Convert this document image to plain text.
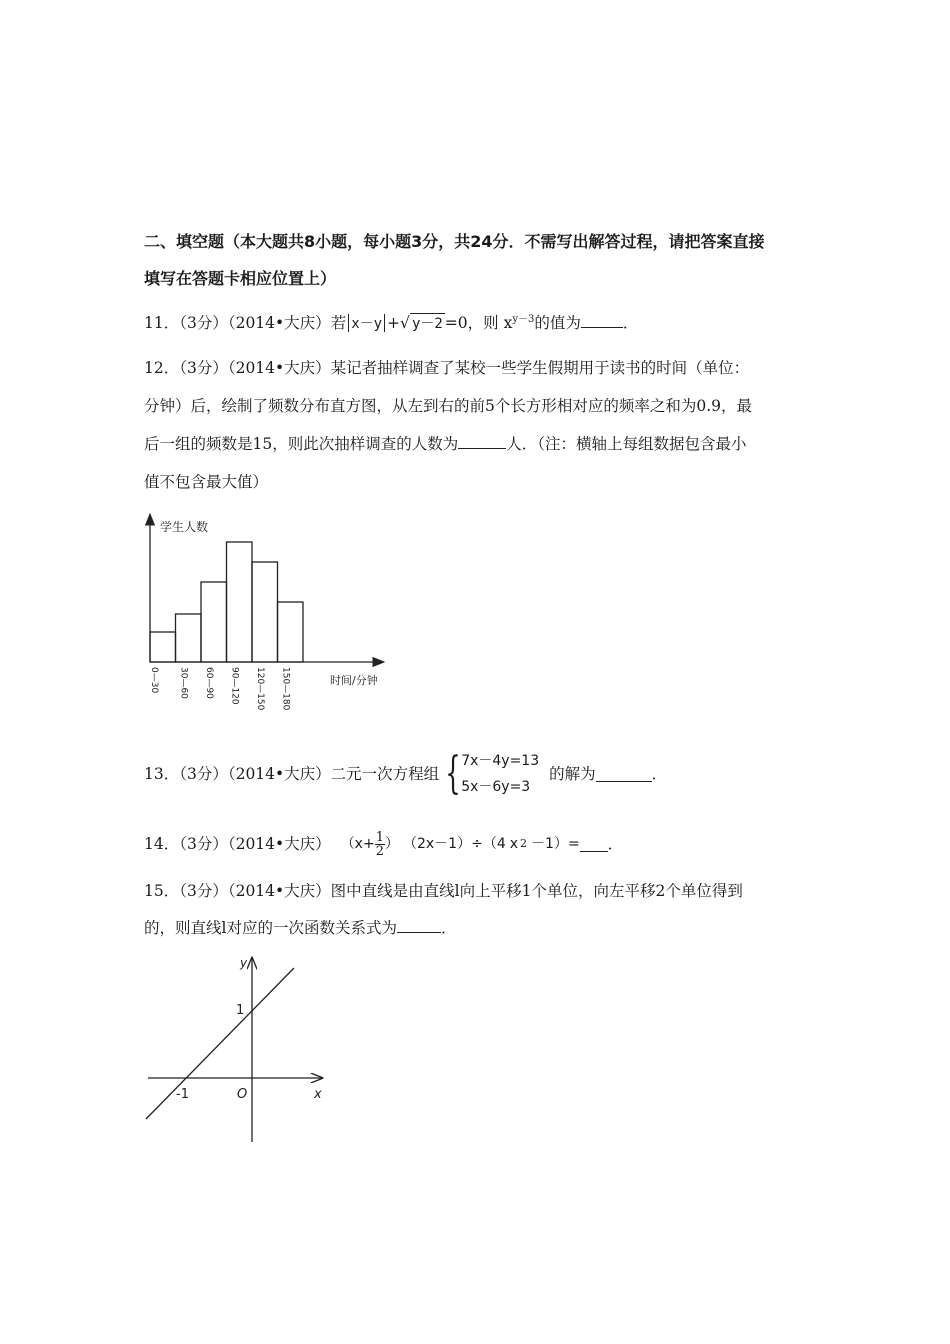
二、填空题（本大题共8小题，每小题3分，共24分．不需写出解答过程，请把答案直接
填写在答题卡相应位置上）
11．（3分）（2014•大庆）若 x－y +√ y－2 =0，则 $x^{y-3}$的值为	．
12．（3分）（2014•大庆）某记者抽样调查了某校一些学生假期用于读书的时间（单位：
分钟）后，绘制了频数分布直方图，从左到右的前5个长方形相对应的频率之和为0.9，最
后一组的频数是15，则此次抽样调查的人数为	人．（注：横轴上每组数据包含最小
值不包含最大值）
学生人数
时间/分钟
0—30 30—60 60—90 90—120 120—150 150—180
13．（3分）（2014•大庆）二元一次方程组 { 7x－4y=13
5x－6y=3
的解为	．
14．（3分）（2014•大庆） （$x+ \frac{1}{2}$ ） （2x－1）÷（4 x 2 －1）= ．
15．（3分）（2014•大庆）图中直线是由直线l向上平移1个单位，向左平移2个单位得到
的，则直线l对应的一次函数关系式为	．
y
x
O
1
-1
